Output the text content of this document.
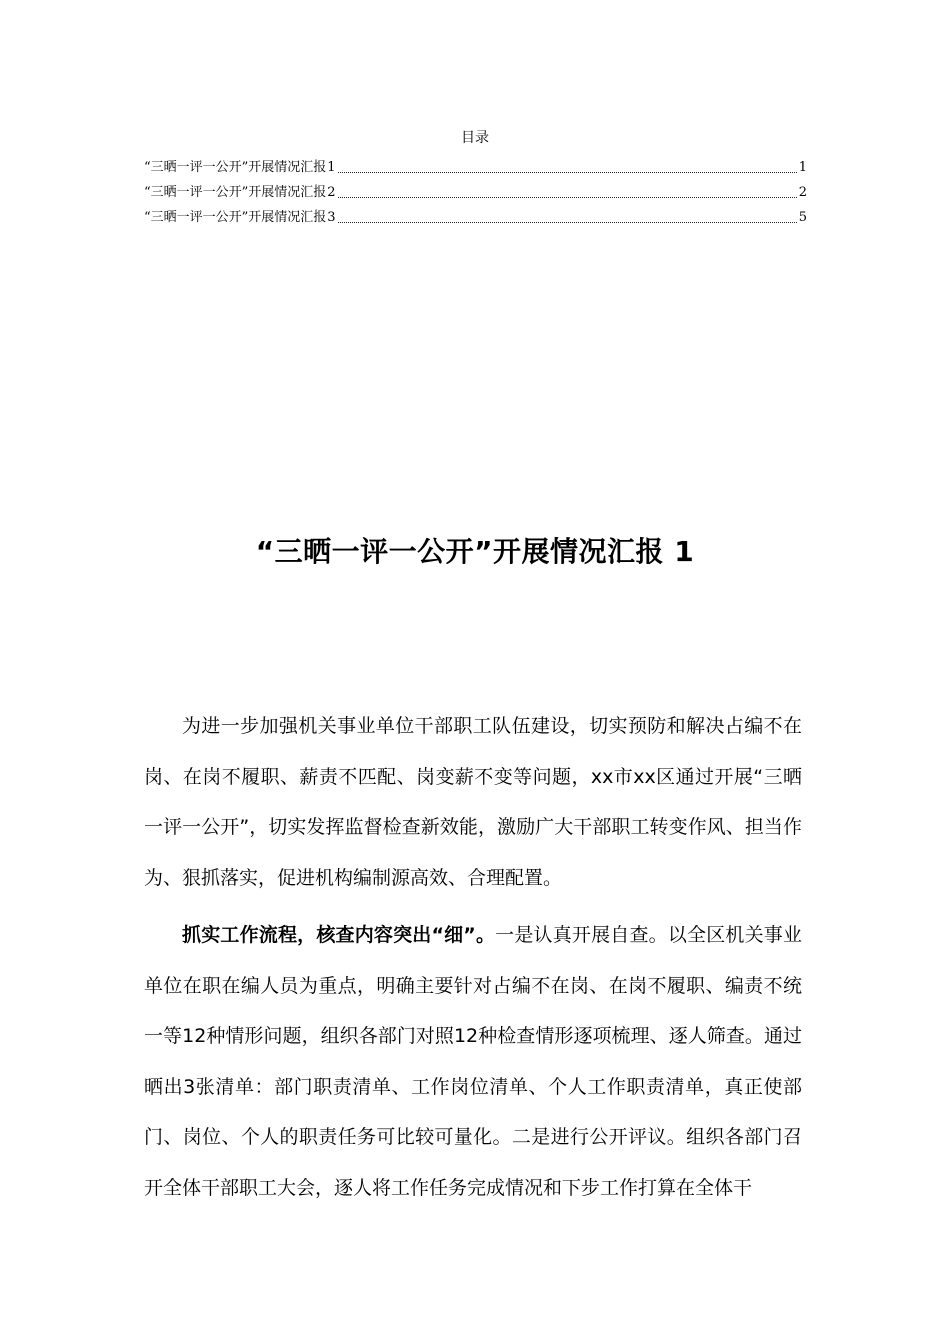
目录
“三晒一评一公开”开展情况汇报 1	1
“三晒一评一公开”开展情况汇报 2	2
“三晒一评一公开”开展情况汇报 3	5
“三晒一评一公开”开展情况汇报 1

为进一步加强机关事业单位干部职工队伍建设，切实预防和解决占编不在岗、在岗不履职、薪责不匹配、岗变薪不变等问题，xx市xx区通过开展“三晒一评一公开”，切实发挥监督检查新效能，激励广大干部职工转变作风、担当作为、狠抓落实，促进机构编制源高效、合理配置。

抓实工作流程，核查内容突出“细”。一是认真开展自查。以全区机关事业单位在职在编人员为重点，明确主要针对占编不在岗、在岗不履职、编责不统一等12种情形问题，组织各部门对照12种检查情形逐项梳理、逐人筛查。通过晒出3张清单：部门职责清单、工作岗位清单、个人工作职责清单，真正使部门、岗位、个人的职责任务可比较可量化。二是进行公开评议。组织各部门召开全体干部职工大会，逐人将工作任务完成情况和下步工作打算在全体干
